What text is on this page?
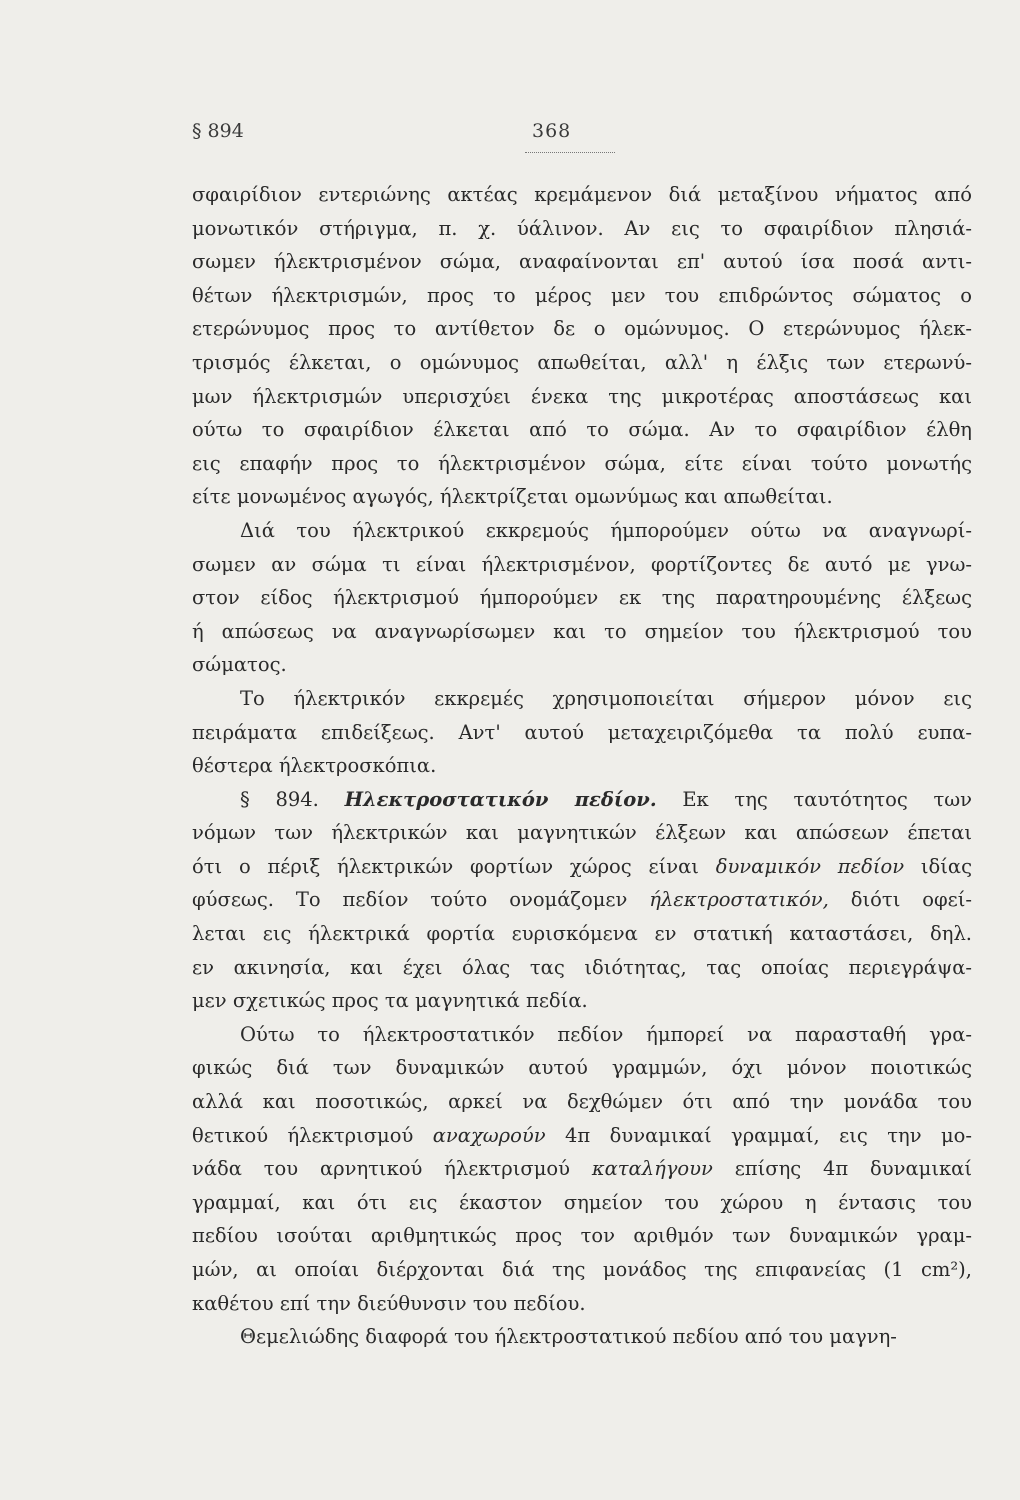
§ 894	368
σφαιρίδιον εντεριώνης ακτέας κρεμάμενον διά μεταξίνου νήματος από
μονωτικόν στήριγμα, π. χ. ύάλινον. Αν εις το σφαιρίδιον πλησιά-
σωμεν ήλεκτρισμένον σώμα, αναφαίνονται επ' αυτού ίσα ποσά αντι-
θέτων ήλεκτρισμών, προς το μέρος μεν του επιδρώντος σώματος ο
ετερώνυμος προς το αντίθετον δε ο ομώνυμος. Ο ετερώνυμος ήλεκ-
τρισμός έλκεται, ο ομώνυμος απωθείται, αλλ' η έλξις των ετερωνύ-
μων ήλεκτρισμών υπερισχύει ένεκα της μικροτέρας αποστάσεως και
ούτω το σφαιρίδιον έλκεται από το σώμα. Αν το σφαιρίδιον έλθη
εις επαφήν προς το ήλεκτρισμένον σώμα, είτε είναι τούτο μονωτής
είτε μονωμένος αγωγός, ήλεκτρίζεται ομωνύμως και απωθείται.
Διά του ήλεκτρικού εκκρεμούς ήμπορούμεν ούτω να αναγνωρί-
σωμεν αν σώμα τι είναι ήλεκτρισμένον, φορτίζοντες δε αυτό με γνω-
στον είδος ήλεκτρισμού ήμπορούμεν εκ της παρατηρουμένης έλξεως
ή απώσεως να αναγνωρίσωμεν και το σημείον του ήλεκτρισμού του
σώματος.
Το ήλεκτρικόν εκκρεμές χρησιμοποιείται σήμερον μόνον εις
πειράματα επιδείξεως. Αντ' αυτού μεταχειριζόμεθα τα πολύ ευπα-
θέστερα ήλεκτροσκόπια.
§ 894. Ηλεκτροστατικόν πεδίον. Εκ της ταυτότητος των
νόμων των ήλεκτρικών και μαγνητικών έλξεων και απώσεων έπεται
ότι ο πέριξ ήλεκτρικών φορτίων χώρος είναι δυναμικόν πεδίον ιδίας
φύσεως. Το πεδίον τούτο ονομάζομεν ήλεκτροστατικόν, διότι οφεί-
λεται εις ήλεκτρικά φορτία ευρισκόμενα εν στατική καταστάσει, δηλ.
εν ακινησία, και έχει όλας τας ιδιότητας, τας οποίας περιεγράψα-
μεν σχετικώς προς τα μαγνητικά πεδία.
Ούτω το ήλεκτροστατικόν πεδίον ήμπορεί να παρασταθή γρα-
φικώς διά των δυναμικών αυτού γραμμών, όχι μόνον ποιοτικώς
αλλά και ποσοτικώς, αρκεί να δεχθώμεν ότι από την μονάδα του
θετικού ήλεκτρισμού αναχωρούν 4π δυναμικαί γραμμαί, εις την μο-
νάδα του αρνητικού ήλεκτρισμού καταλήγουν επίσης 4π δυναμικαί
γραμμαί, και ότι εις έκαστον σημείον του χώρου η έντασις του
πεδίου ισούται αριθμητικώς προς τον αριθμόν των δυναμικών γραμ-
μών, αι οποίαι διέρχονται διά της μονάδος της επιφανείας (1 cm²),
καθέτου επί την διεύθυνσιν του πεδίου.
Θεμελιώδης διαφορά του ήλεκτροστατικού πεδίου από του μαγνη-
